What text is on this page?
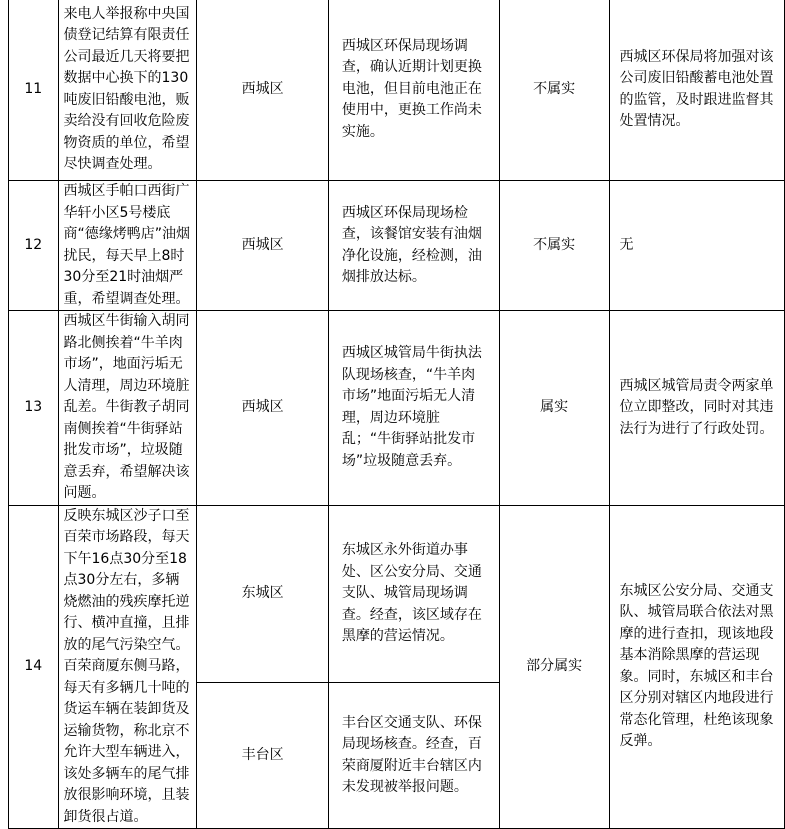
11	来电人举报称中央国债登记结算有限责任公司最近几天将要把数据中心换下的130吨废旧铅酸电池，贩卖给没有回收危险废物资质的单位，希望尽快调查处理。	西城区	西城区环保局现场调查，确认近期计划更换电池，但目前电池正在使用中，更换工作尚未实施。	不属实	西城区环保局将加强对该公司废旧铅酸蓄电池处置的监管，及时跟进监督其处置情况。
12	西城区手帕口西街广华轩小区5号楼底商“德缘烤鸭店”油烟扰民，每天早上8时30分至21时油烟严重，希望调查处理。	西城区	西城区环保局现场检查，该餐馆安装有油烟净化设施，经检测，油烟排放达标。	不属实	无
13	西城区牛街输入胡同路北侧挨着“牛羊肉市场”，地面污垢无人清理，周边环境脏乱差。牛街教子胡同南侧挨着“牛街驿站批发市场”，垃圾随意丢弃，希望解决该问题。	西城区	西城区城管局牛街执法队现场核查，“牛羊肉市场”地面污垢无人清理，周边环境脏乱；“牛街驿站批发市场”垃圾随意丢弃。	属实	西城区城管局责令两家单位立即整改，同时对其违法行为进行了行政处罚。
14	反映东城区沙子口至百荣市场路段，每天下午16点30分至18点30分左右，多辆烧燃油的残疾摩托逆行、横冲直撞，且排放的尾气污染空气。百荣商厦东侧马路，每天有多辆几十吨的货运车辆在装卸货及运输货物，称北京不允许大型车辆进入，该处多辆车的尾气排放很影响环境，且装卸货很占道。	东城区	东城区永外街道办事处、区公安分局、交通支队、城管局现场调查。经查，该区域存在黑摩的营运情况。	部分属实	东城区公安分局、交通支队、城管局联合依法对黑摩的进行查扣，现该地段基本消除黑摩的营运现象。同时，东城区和丰台区分别对辖区内地段进行常态化管理，杜绝该现象反弹。
		丰台区	丰台区交通支队、环保局现场核查。经查，百荣商厦附近丰台辖区内未发现被举报问题。		
